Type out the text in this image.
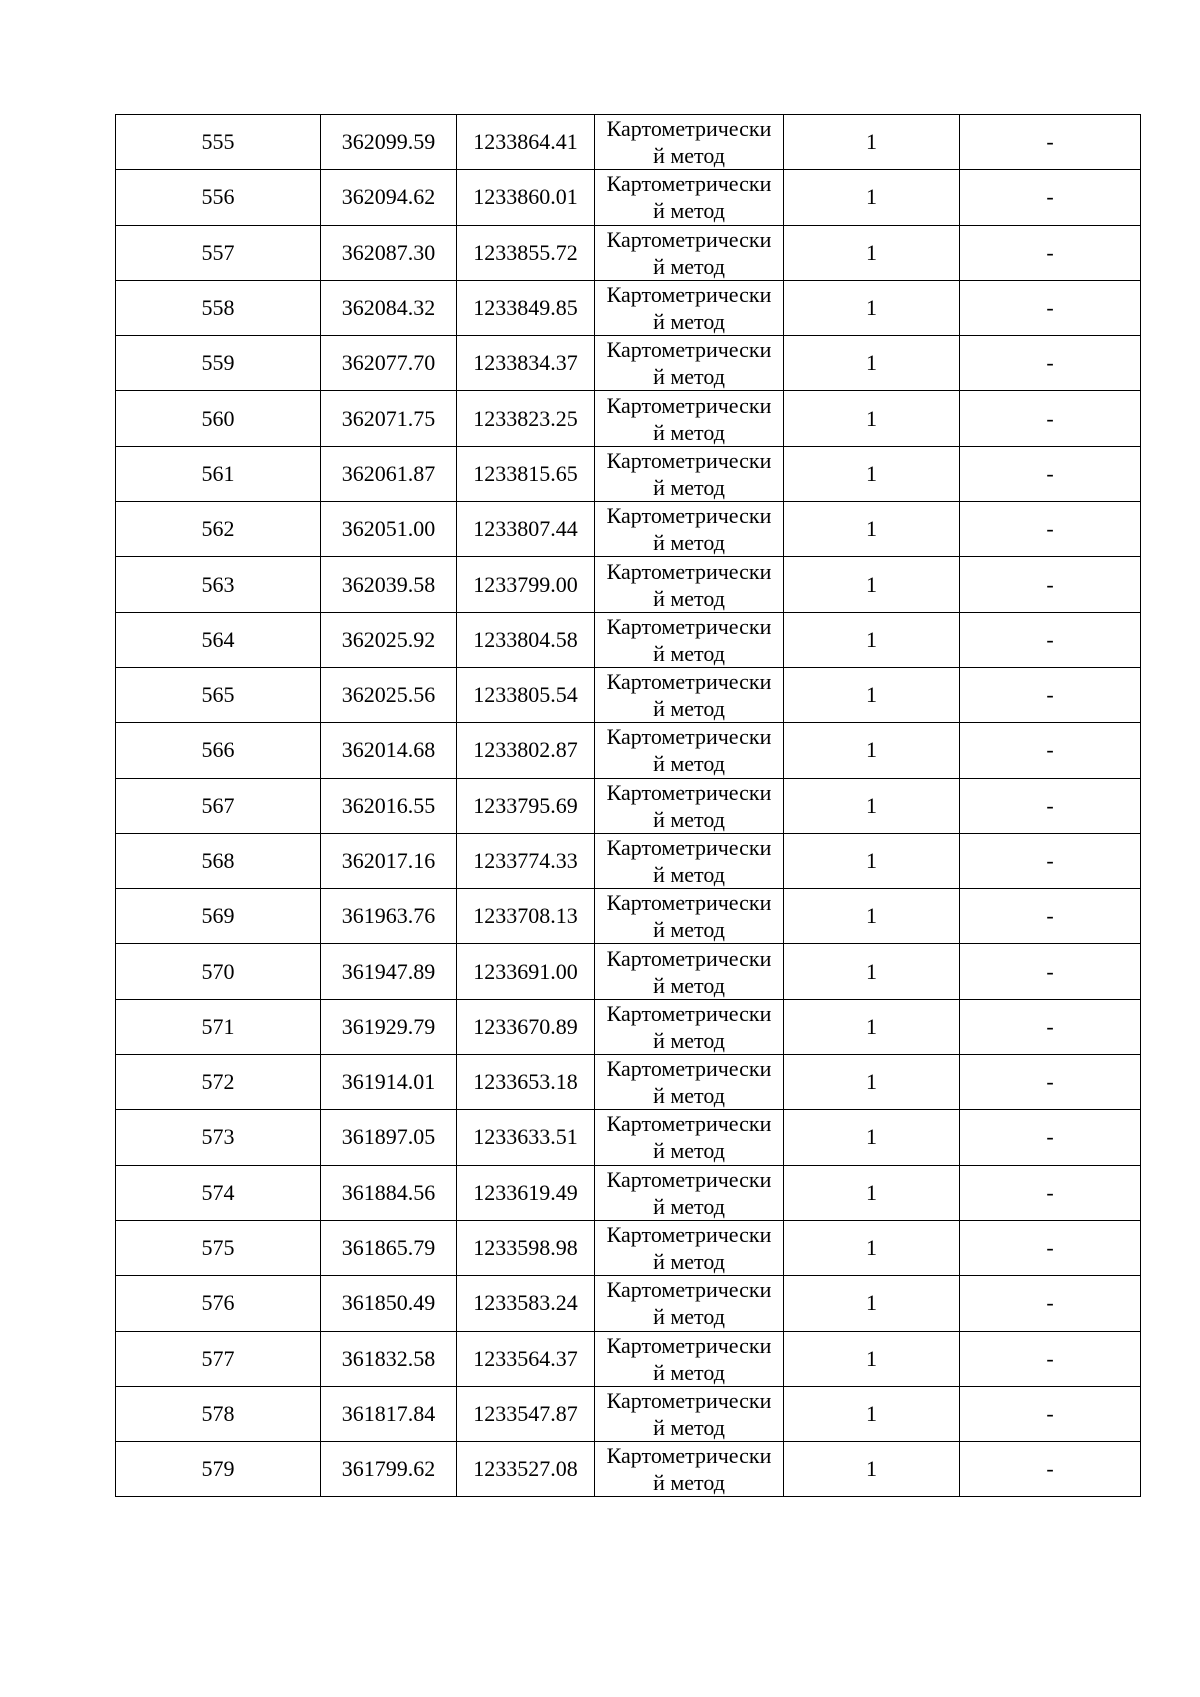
555	362099.59	1233864.41	Картометрически
й метод	1	-
556	362094.62	1233860.01	Картометрически
й метод	1	-
557	362087.30	1233855.72	Картометрически
й метод	1	-
558	362084.32	1233849.85	Картометрически
й метод	1	-
559	362077.70	1233834.37	Картометрически
й метод	1	-
560	362071.75	1233823.25	Картометрически
й метод	1	-
561	362061.87	1233815.65	Картометрически
й метод	1	-
562	362051.00	1233807.44	Картометрически
й метод	1	-
563	362039.58	1233799.00	Картометрически
й метод	1	-
564	362025.92	1233804.58	Картометрически
й метод	1	-
565	362025.56	1233805.54	Картометрически
й метод	1	-
566	362014.68	1233802.87	Картометрически
й метод	1	-
567	362016.55	1233795.69	Картометрически
й метод	1	-
568	362017.16	1233774.33	Картометрически
й метод	1	-
569	361963.76	1233708.13	Картометрически
й метод	1	-
570	361947.89	1233691.00	Картометрически
й метод	1	-
571	361929.79	1233670.89	Картометрически
й метод	1	-
572	361914.01	1233653.18	Картометрически
й метод	1	-
573	361897.05	1233633.51	Картометрически
й метод	1	-
574	361884.56	1233619.49	Картометрически
й метод	1	-
575	361865.79	1233598.98	Картометрически
й метод	1	-
576	361850.49	1233583.24	Картометрически
й метод	1	-
577	361832.58	1233564.37	Картометрически
й метод	1	-
578	361817.84	1233547.87	Картометрически
й метод	1	-
579	361799.62	1233527.08	Картометрически
й метод	1	-
